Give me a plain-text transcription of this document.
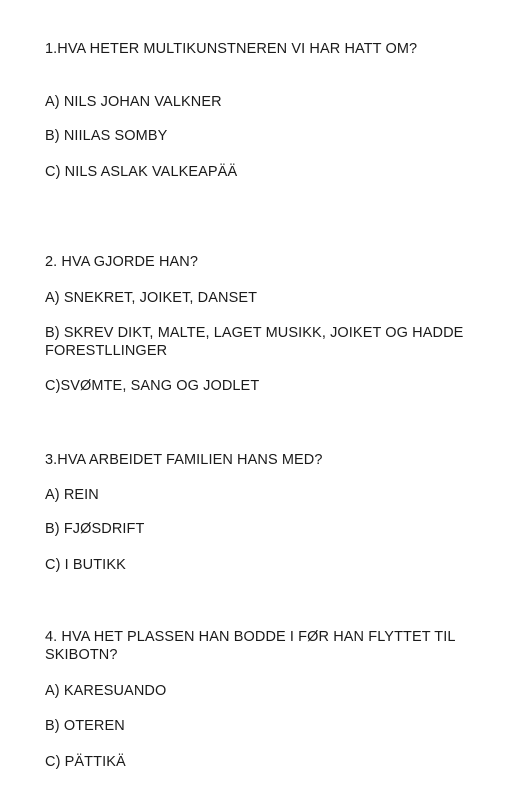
1.HVA HETER MULTIKUNSTNEREN VI HAR HATT OM?
A) NILS JOHAN VALKNER
B) NIILAS SOMBY
C) NILS ASLAK VALKEAPÄÄ
2. HVA GJORDE HAN?
A) SNEKRET, JOIKET, DANSET
B) SKREV DIKT, MALTE, LAGET MUSIKK, JOIKET OG HADDE FORESTLLINGER
C)SVØMTE, SANG OG JODLET
3.HVA ARBEIDET FAMILIEN HANS MED?
A) REIN
B) FJØSDRIFT
C) I BUTIKK
4. HVA HET PLASSEN HAN BODDE I FØR HAN FLYTTET TIL SKIBOTN?
A) KARESUANDO
B) OTEREN
C) PÄTTIKÄ
